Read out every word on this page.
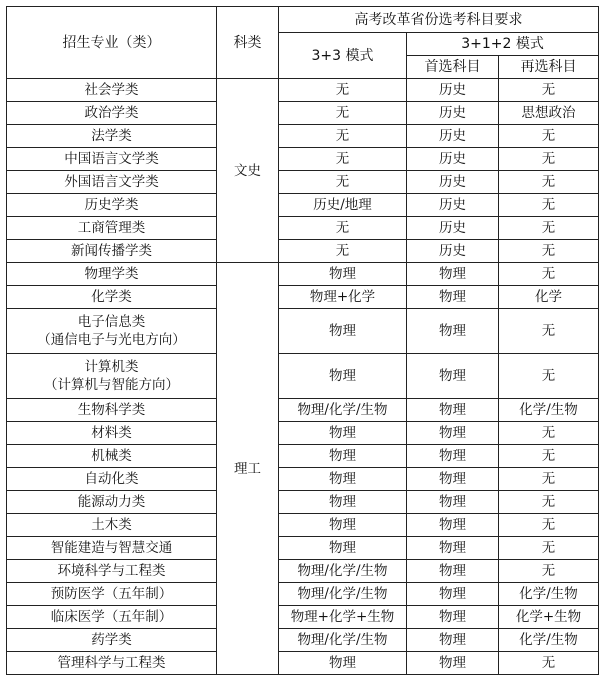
招生专业（类）	科类	高考改革省份选考科目要求		
		3+3 模式	3+1+2 模式	
			首选科目	再选科目

社会学类	文史	无	历史	无

政治学类		无	历史	思想政治

法学类		无	历史	无

中国语言文学类		无	历史	无

外国语言文学类		无	历史	无

历史学类		历史/地理	历史	无

工商管理类		无	历史	无

新闻传播学类		无	历史	无

物理学类	理工	物理	物理	无

化学类		物理+化学	物理	化学

电子信息类
（通信电子与光电方向）		物理	物理	无

计算机类
（计算机与智能方向）		物理	物理	无

生物科学类		物理/化学/生物	物理	化学/生物

材料类		物理	物理	无

机械类		物理	物理	无

自动化类		物理	物理	无

能源动力类		物理	物理	无

土木类		物理	物理	无

智能建造与智慧交通		物理	物理	无

环境科学与工程类		物理/化学/生物	物理	无

预防医学（五年制）		物理/化学/生物	物理	化学/生物

临床医学（五年制）		物理+化学+生物	物理	化学+生物

药学类		物理/化学/生物	物理	化学/生物

管理科学与工程类		物理	物理	无
